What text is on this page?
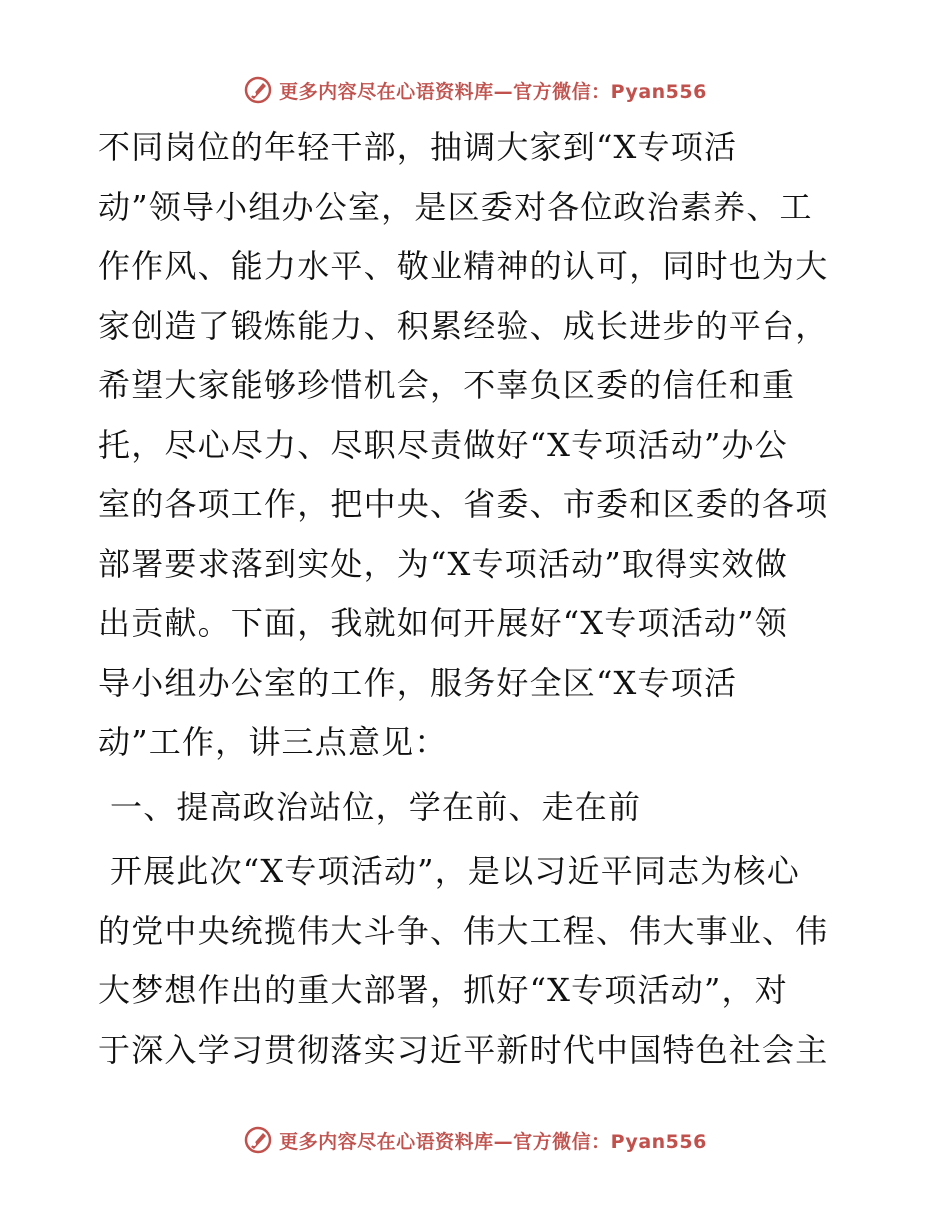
更多内容尽在心语资料库—官方微信：Pyan556
不同岗位的年轻干部，抽调大家到“X专项活
动”领导小组办公室，是区委对各位政治素养、工
作作风、能力水平、敬业精神的认可，同时也为大
家创造了锻炼能力、积累经验、成长进步的平台，
希望大家能够珍惜机会，不辜负区委的信任和重
托，尽心尽力、尽职尽责做好“X专项活动”办公
室的各项工作，把中央、省委、市委和区委的各项
部署要求落到实处，为“X专项活动”取得实效做
出贡献。下面，我就如何开展好“X专项活动”领
导小组办公室的工作，服务好全区“X专项活
动”工作，讲三点意见：
一、提高政治站位，学在前、走在前
开展此次“X专项活动”，是以习近平同志为核心
的党中央统揽伟大斗争、伟大工程、伟大事业、伟
大梦想作出的重大部署，抓好“X专项活动”，对
于深入学习贯彻落实习近平新时代中国特色社会主
更多内容尽在心语资料库—官方微信：Pyan556
